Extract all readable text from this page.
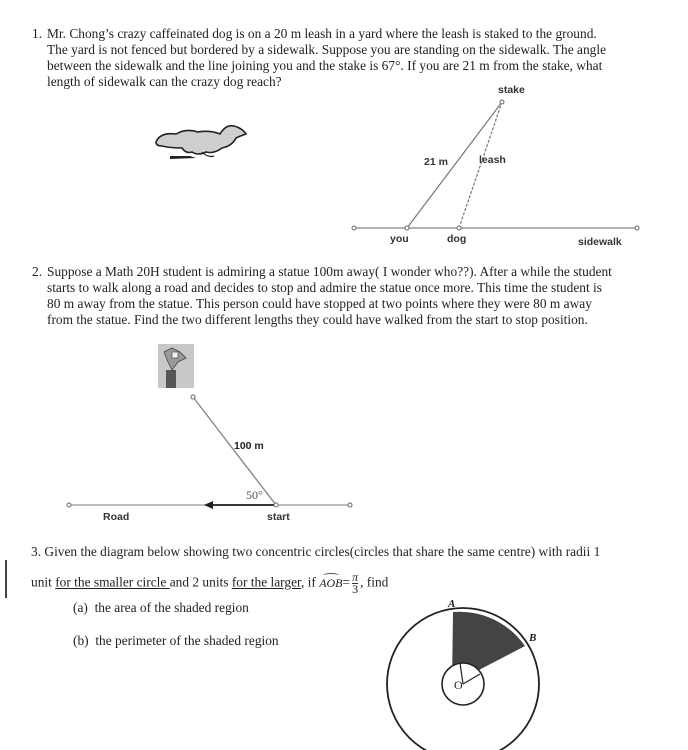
1. Mr. Chong’s crazy caffeinated dog is on a 20 m leash in a yard where the leash is staked to the ground.
The yard is not fenced but bordered by a sidewalk. Suppose you are standing on the sidewalk. The angle
between the sidewalk and the line joining you and the stake is 67°. If you are 21 m from the stake, what
length of sidewalk can the crazy dog reach?
stake
21 m	leash
you	dog	sidewalk
2. Suppose a Math 20H student is admiring a statue 100m away( I wonder who??). After a while the student
starts to walk along a road and decides to stop and admire the statue once more. This time the student is
80 m away from the statue. This person could have stopped at two points where they were 80 m away
from the statue. Find the two different lengths they could have walked from the start to stop position.
100 m
50°
Road	start
3. Given the diagram below showing two concentric circles(circles that share the same centre) with radii 1
unit for the smaller circle and 2 units for the larger, if
$AOB= \frac{\pi}{3}$ , find
(a) the area of the shaded region
(b) the perimeter of the shaded region
A
B
O
